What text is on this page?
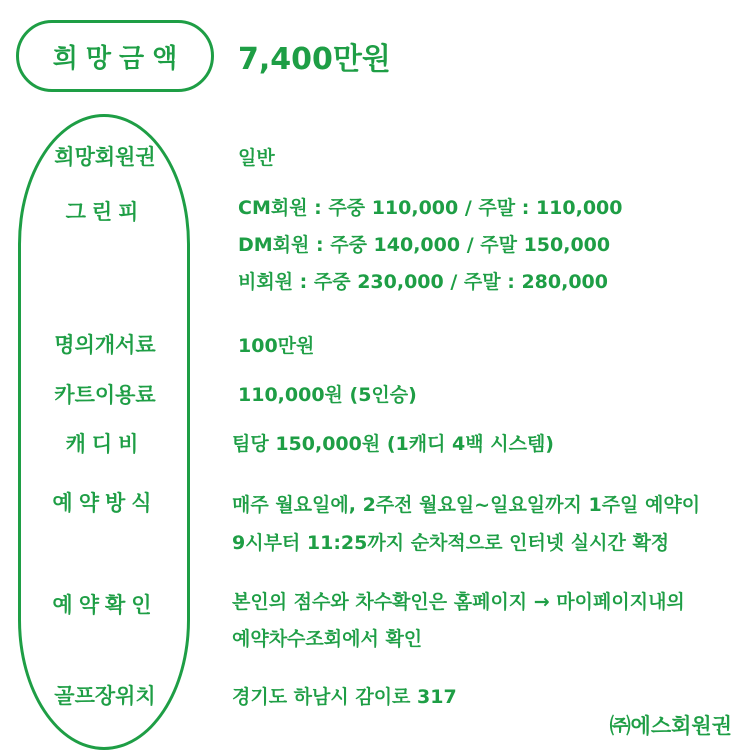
희망금액 7,400만원
희망회원권	일반
그린피	CM회원 : 주중 110,000 / 주말 : 110,000
DM회원 : 주중 140,000 / 주말 150,000
비회원 : 주중 230,000 / 주말 : 280,000
명의개서료	100만원
카트이용료	110,000원 (5인승)
캐디비	팀당 150,000원 (1캐디 4백 시스템)
예약방식	매주 월요일에, 2주전 월요일~일요일까지 1주일 예약이
9시부터 11:25까지 순차적으로 인터넷 실시간 확정
예약확인	본인의 점수와 차수확인은 홈페이지 → 마이페이지내의
예약차수조회에서 확인
골프장위치	경기도 하남시 감이로 317
㈜에스회원권
